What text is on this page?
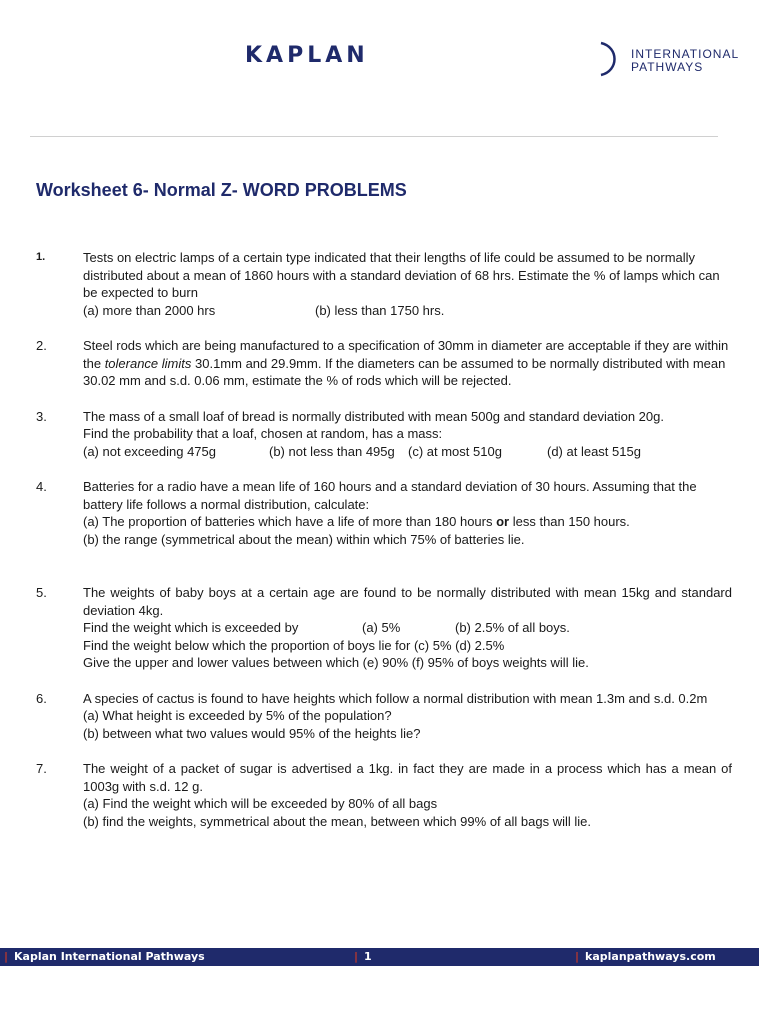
KAPLAN	INTERNATIONAL
PATHWAYS
Worksheet 6- Normal Z- WORD PROBLEMS
1.	Tests on electric lamps of a certain type indicated that their lengths of life could be assumed to be normally distributed about a mean of 1860 hours with a standard deviation of 68 hrs. Estimate the % of lamps which can be expected to burn

(a) more than 2000 hrs	(b) less than 1750 hrs.
2.	Steel rods which are being manufactured to a specification of 30mm in diameter are acceptable if they are within the tolerance limits 30.1mm and 29.9mm. If the diameters can be assumed to be normally distributed with mean 30.02 mm and s.d. 0.06 mm, estimate the % of rods which will be rejected.

3.	The mass of a small loaf of bread is normally distributed with mean 500g and standard deviation 20g.

Find the probability that a loaf, chosen at random, has a mass:

(a) not exceeding 475g	(b) not less than 495g	(c) at most 510g	(d) at least 515g
4.	Batteries for a radio have a mean life of 160 hours and a standard deviation of 30 hours. Assuming that the battery life follows a normal distribution, calculate:

(a) The proportion of batteries which have a life of more than 180 hours or less than 150 hours.

(b) the range (symmetrical about the mean) within which 75% of batteries lie.

5.	The weights of baby boys at a certain age are found to be normally distributed with mean 15kg and standard deviation 4kg.

Find the weight which is exceeded by	(a) 5%	(b) 2.5% of all boys.

Find the weight below which the proportion of boys lie for (c) 5% (d) 2.5%

Give the upper and lower values between which (e) 90% (f) 95% of boys weights will lie.

6.	A species of cactus is found to have heights which follow a normal distribution with mean 1.3m and s.d. 0.2m

(a) What height is exceeded by 5% of the population?

(b) between what two values would 95% of the heights lie?

7.	The weight of a packet of sugar is advertised a 1kg. in fact they are made in a process which has a mean of 1003g with s.d. 12 g.

(a) Find the weight which will be exceeded by 80% of all bags

(b) find the weights, symmetrical about the mean, between which 99% of all bags will lie.

| Kaplan International Pathways	| 1	| kaplanpathways.com
